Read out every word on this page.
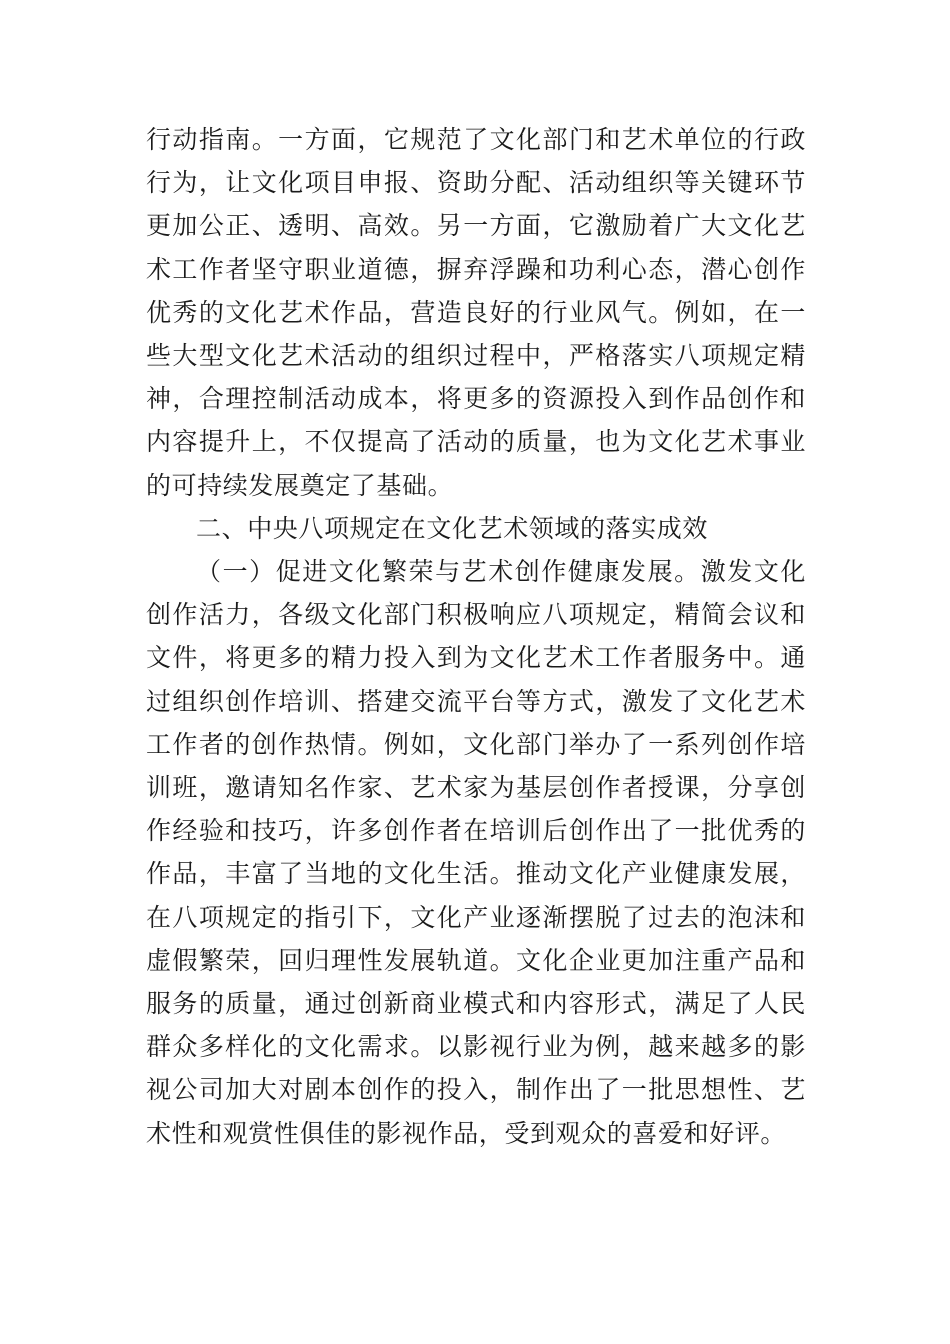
行动指南。一方面，它规范了文化部门和艺术单位的行政行为，让文化项目申报、资助分配、活动组织等关键环节更加公正、透明、高效。另一方面，它激励着广大文化艺术工作者坚守职业道德，摒弃浮躁和功利心态，潜心创作优秀的文化艺术作品，营造良好的行业风气。例如，在一些大型文化艺术活动的组织过程中，严格落实八项规定精神，合理控制活动成本，将更多的资源投入到作品创作和内容提升上，不仅提高了活动的质量，也为文化艺术事业的可持续发展奠定了基础。

二、中央八项规定在文化艺术领域的落实成效

（一）促进文化繁荣与艺术创作健康发展。激发文化创作活力，各级文化部门积极响应八项规定，精简会议和文件，将更多的精力投入到为文化艺术工作者服务中。通过组织创作培训、搭建交流平台等方式，激发了文化艺术工作者的创作热情。例如，文化部门举办了一系列创作培训班，邀请知名作家、艺术家为基层创作者授课，分享创作经验和技巧，许多创作者在培训后创作出了一批优秀的作品，丰富了当地的文化生活。推动文化产业健康发展，在八项规定的指引下，文化产业逐渐摆脱了过去的泡沫和虚假繁荣，回归理性发展轨道。文化企业更加注重产品和服务的质量，通过创新商业模式和内容形式，满足了人民群众多样化的文化需求。以影视行业为例，越来越多的影视公司加大对剧本创作的投入，制作出了一批思想性、艺术性和观赏性俱佳的影视作品，受到观众的喜爱和好评。
